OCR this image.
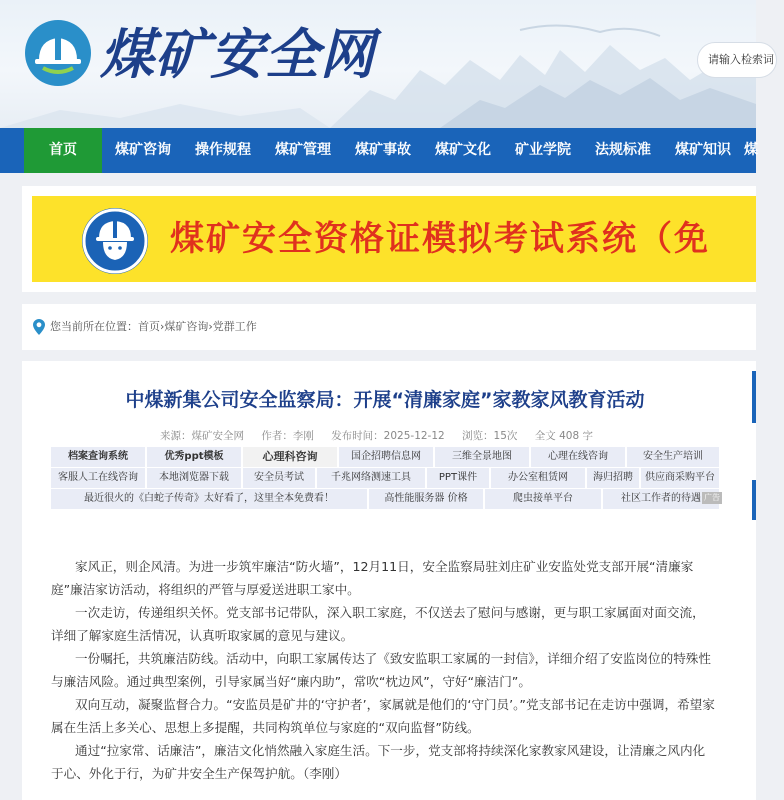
煤矿安全网	请输入检索词
首页	煤矿咨询	操作规程	煤矿管理	煤矿事故	煤矿文化	矿业学院	法规标准	煤矿知识 煤
煤矿安全资格证模拟考试系统（免
您当前所在位置：首页›煤矿咨询›党群工作
中煤新集公司安全监察局：开展“清廉家庭”家教家风教育活动
来源：煤矿安全网 作者：李刚 发布时间：2025-12-12 浏览：15次 全文 408 字
档案查询系统	优秀ppt模板	心理科咨询	国企招聘信息网	三维全景地图	心理在线咨询	安全生产培训
客服人工在线咨询	本地浏览器下载	安全员考试	千兆网络测速工具	PPT课件	办公室租赁网	海归招聘	供应商采购平台
最近很火的《白蛇子传奇》太好看了，这里全本免费看！	高性能服务器 价格	爬虫接单平台	社区工作者的待遇 广告

家风正，则企风清。为进一步筑牢廉洁“防火墙”，12月11日，安全监察局驻刘庄矿业安监处党支部开展“清廉家庭”廉洁家访活动，将组织的严管与厚爱送进职工家中。

一次走访，传递组织关怀。党支部书记带队，深入职工家庭，不仅送去了慰问与感谢，更与职工家属面对面交流，详细了解家庭生活情况，认真听取家属的意见与建议。

一份嘱托，共筑廉洁防线。活动中，向职工家属传达了《致安监职工家属的一封信》，详细介绍了安监岗位的特殊性与廉洁风险。通过典型案例，引导家属当好“廉内助”，常吹“枕边风”，守好“廉洁门”。

双向互动，凝聚监督合力。“安监员是矿井的‘守护者’，家属就是他们的‘守门员’。”党支部书记在走访中强调，希望家属在生活上多关心、思想上多提醒，共同构筑单位与家庭的“双向监督”防线。

通过“拉家常、话廉洁”，廉洁文化悄然融入家庭生活。下一步，党支部将持续深化家教家风建设，让清廉之风内化于心、外化于行，为矿井安全生产保驾护航。（李刚）
